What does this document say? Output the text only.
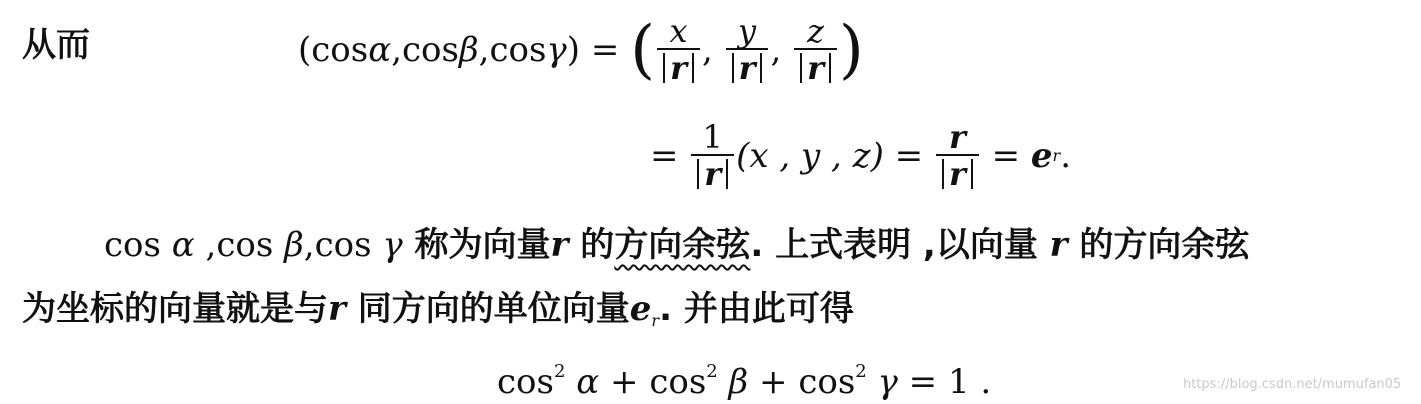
从而	(cos α ,cos β ,cos γ ) = ( $\frac{x}{r}$ , $\frac{y}{r}$ , $\frac{z}{r}$ )
= $\frac{1}{r} (x$ , y , $z) = \frac{r}{r} = e$ r .
cos α ,cos β,cos γ 称为向量r 的方向余弦. 上式表明 ,以向量 r 的方向余弦
为坐标的向量就是与r 同方向的单位向量$e_r$. 并由此可得
$\cos^2 \alpha + \cos^2 \beta + \cos^2 \gamma = 1$ .	https://blog.csdn.net/mumufan05
